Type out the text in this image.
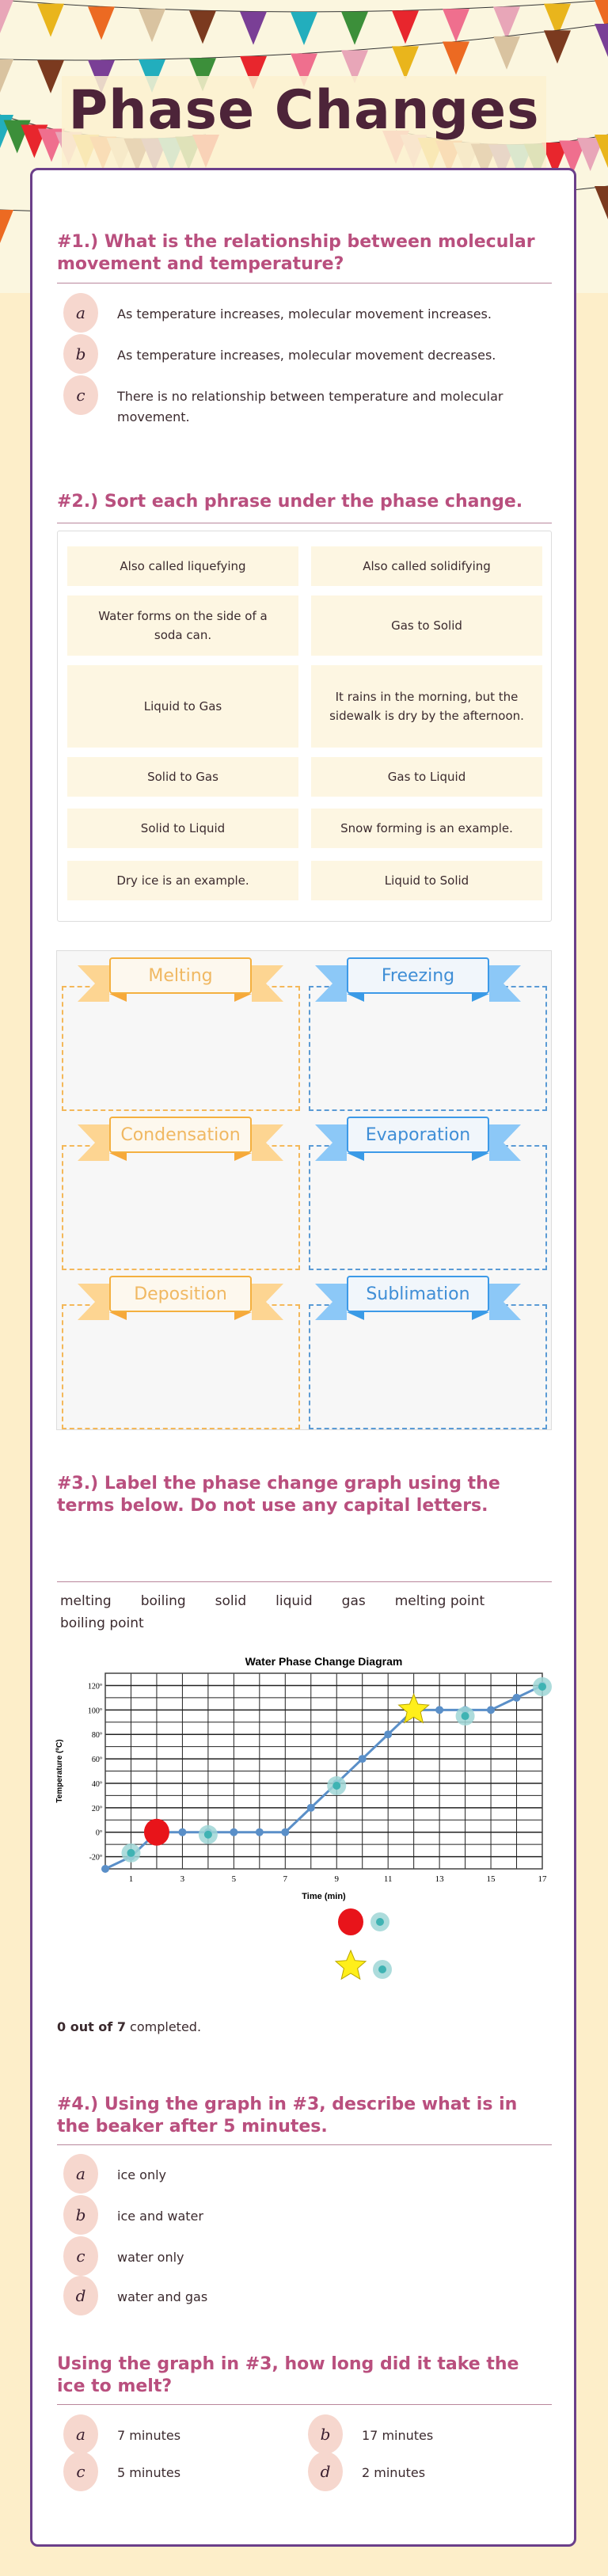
Phase Changes
#1.) What is the relationship between molecular movement and temperature?
a	As temperature increases, molecular movement increases.
b	As temperature increases, molecular movement decreases.
c	There is no relationship between temperature and molecular movement.
#2.) Sort each phrase under the phase change.
#3.) Label the phase change graph using the terms below. Do not use any capital letters.
melting boiling solid liquid gas melting pointboiling point
Water Phase Change Diagram
-20º
0º
20º
40º
60º
80º
100º
120º
1	3	5	7	9	11	13	15	17
Time (min)
Temperature (ºC)
0 out of 7 completed.
#4.) Using the graph in #3, describe what is in the beaker after 5 minutes.
a	ice only
b	ice and water
c	water only
d	water and gas
Using the graph in #3, how long did it take the ice to melt?
a	7 minutes	b	17 minutes
c	5 minutes	d	2 minutes
Also called liquefying	Also called solidifying
Water forms on the side of a soda can.
Gas to Solid
Liquid to Gas
It rains in the morning, but the sidewalk is dry by the afternoon.
Solid to Gas	Gas to Liquid
Solid to Liquid	Snow forming is an example.
Dry ice is an example.	Liquid to Solid
Melting	Freezing
Condensation	Evaporation
Deposition	Sublimation
